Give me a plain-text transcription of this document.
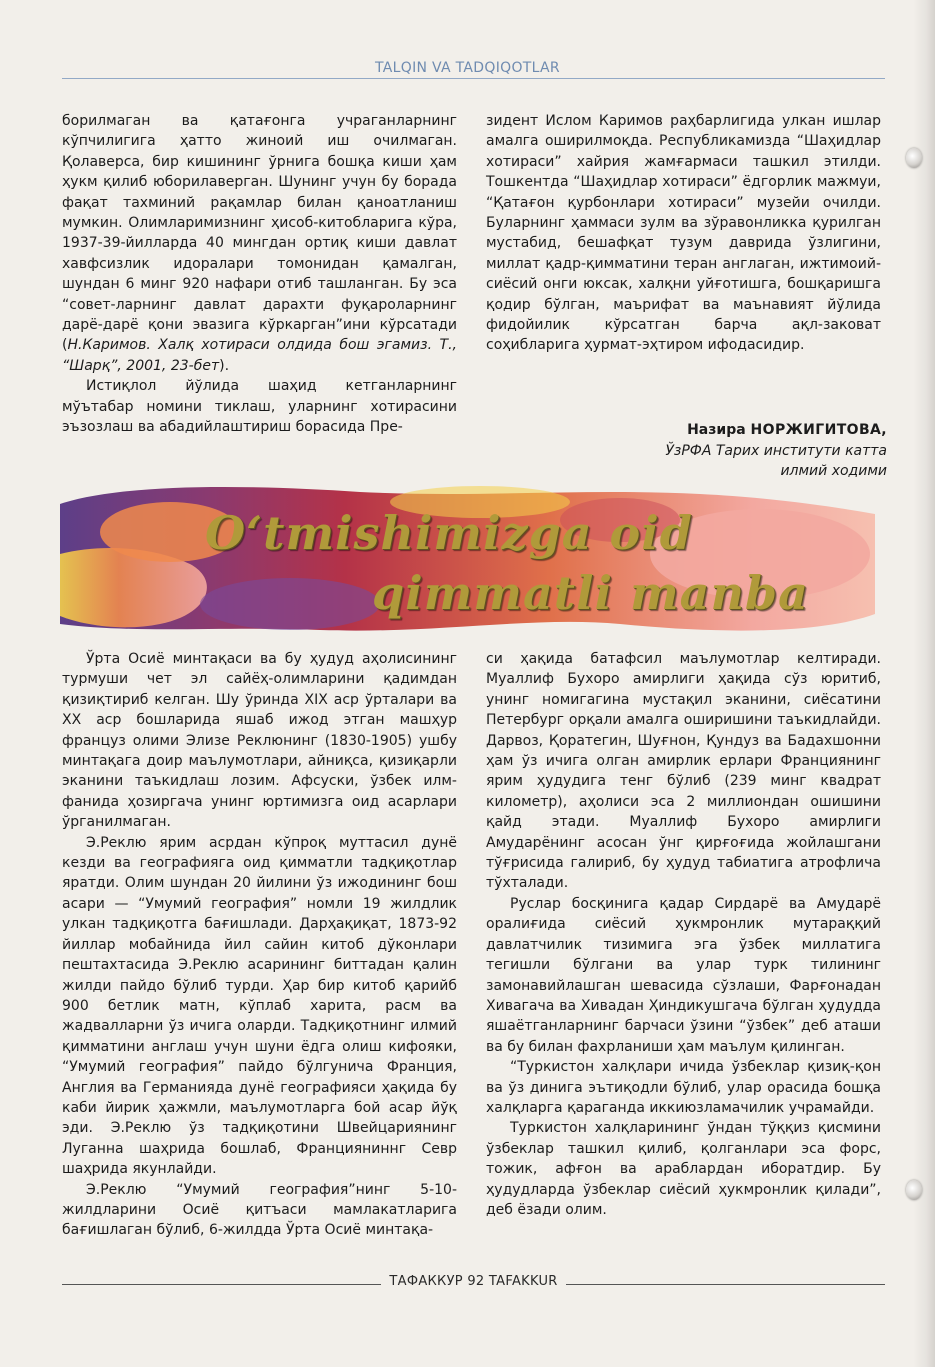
TALQIN VA TADQIQOTLAR

борилмаган ва қатағонга учраганларнинг кўпчилигига ҳатто жиноий иш очилмаган. Қолаверса, бир кишининг ўрнига бошқа киши ҳам ҳукм қилиб юборилаверган. Шунинг учун бу борада фақат тахминий рақамлар билан қаноатланиш мумкин. Олимларимизнинг ҳисоб-китобларига кўра, 1937-39-йилларда 40 мингдан ортиқ киши давлат хавфсизлик идоралари томонидан қамалган, шундан 6 минг 920 нафари отиб ташланган. Бу эса “совет-ларнинг давлат дарахти фуқароларнинг дарё-дарё қони эвазига кўркарган”ини кўрсатади (Н.Каримов. Халқ хотираси олдида бош эгамиз. Т., “Шарқ”, 2001, 23-бет).

Истиқлол йўлида шаҳид кетганларнинг мўътабар номини тиклаш, уларнинг хотирасини эъзозлаш ва абадийлаштириш борасида Пре-

зидент Ислом Каримов раҳбарлигида улкан ишлар амалга оширилмоқда. Республикамизда “Шаҳидлар хотираси” хайрия жамғармаси ташкил этилди. Тошкентда “Шаҳидлар хотираси” ёдгорлик мажмуи, “Қатағон қурбонлари хотираси” музейи очилди. Буларнинг ҳаммаси зулм ва зўравонликка қурилган мустабид, бешафқат тузум даврида ўзлигини, миллат қадр-қимматини теран англаган, ижтимоий-сиёсий онги юксак, халқни уйғотишга, бошқаришга қодир бўлган, маърифат ва маънавият йўлида фидойилик кўрсатган барча ақл-заковат соҳибларига ҳурмат-эҳтиром ифодасидир.

Назира НОРЖИГИТОВА,
ЎзРФА Тарих институти катта
илмий ходими
O‘tmishimizga oid
qimmatli manba

Ўрта Осиё минтақаси ва бу ҳудуд аҳолисининг турмуши чет эл сайёҳ-олимларини қадимдан қизиқтириб келган. Шу ўринда XIX аср ўрталари ва XX аср бошларида яшаб ижод этган машҳур француз олими Элизе Реклюнинг (1830-1905) ушбу минтақага доир маълумотлари, айниқса, қизиқарли эканини таъкидлаш лозим. Афсуски, ўзбек илм-фанида ҳозиргача унинг юртимизга оид асарлари ўрганилмаган.

Э.Реклю ярим асрдан кўпроқ муттасил дунё кезди ва географияга оид қимматли тадқиқотлар яратди. Олим шундан 20 йилини ўз ижодининг бош асари — “Умумий география” номли 19 жилдлик улкан тадқиқотга бағишлади. Дарҳақиқат, 1873-92 йиллар мобайнида йил сайин китоб дўконлари пештахтасида Э.Реклю асарининг биттадан қалин жилди пайдо бўлиб турди. Ҳар бир китоб қарийб 900 бетлик матн, кўплаб харита, расм ва жадвалларни ўз ичига оларди. Тадқиқотнинг илмий қимматини англаш учун шуни ёдга олиш кифояки, “Умумий география” пайдо бўлгунича Франция, Англия ва Германияда дунё географияси ҳақида бу каби йирик ҳажмли, маълумотларга бой асар йўқ эди. Э.Реклю ўз тадқиқотини Швейцариянинг Луганна шаҳрида бошлаб, Францияниннг Севр шаҳрида якунлайди.

Э.Реклю “Умумий география”нинг 5-10-жилдларини Осиё қитъаси мамлакатларига бағишлаган бўлиб, 6-жилдда Ўрта Осиё минтақа-

си ҳақида батафсил маълумотлар келтиради. Муаллиф Бухоро амирлиги ҳақида сўз юритиб, унинг номигагина мустақил эканини, сиёсатини Петербург орқали амалга оширишини таъкидлайди. Дарвоз, Қоратегин, Шуғнон, Қундуз ва Бадахшонни ҳам ўз ичига олган амирлик ерлари Франциянинг ярим ҳудудига тенг бўлиб (239 минг квадрат километр), аҳолиси эса 2 миллиондан ошишини қайд этади. Муаллиф Бухоро амирлиги Амударёнинг асосан ўнг қирғоғида жойлашгани тўғрисида галириб, бу ҳудуд табиатига атрофлича тўхталади.

Руслар босқинига қадар Сирдарё ва Амударё оралиғида сиёсий ҳукмронлик мутараққий давлатчилик тизимига эга ўзбек миллатига тегишли бўлгани ва улар турк тилининг замонавийлашган шевасида сўзлаши, Фарғонадан Хивагача ва Хивадан Ҳиндикушгача бўлган ҳудудда яшаётганларнинг барчаси ўзини “ўзбек” деб аташи ва бу билан фахрланиши ҳам маълум қилинган.

“Туркистон халқлари ичида ўзбеклар қизиқ-қон ва ўз динига эътиқодли бўлиб, улар орасида бошқа халқларга қараганда иккиюзламачилик учрамайди.

Туркистон халқларининг ўндан тўққиз қисмини ўзбеклар ташкил қилиб, қолганлари эса форс, тожик, афғон ва араблардан иборатдир. Бу ҳудудларда ўзбеклар сиёсий ҳукмронлик қилади”, деб ёзади олим.

ТАФАККУР 92 TAFAKKUR
